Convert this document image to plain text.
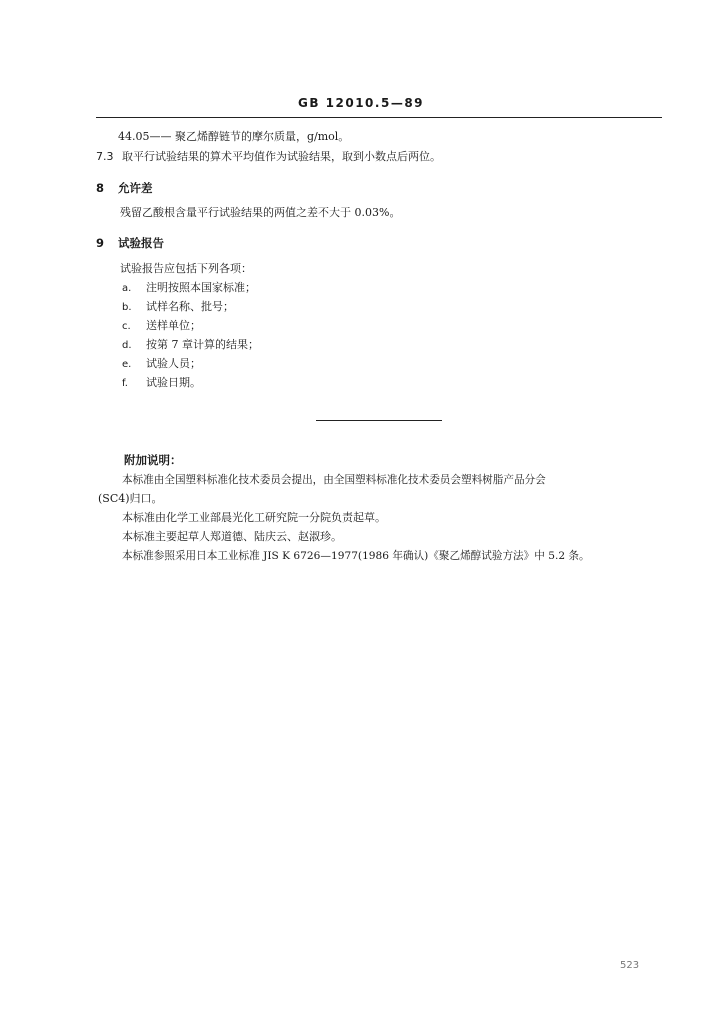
GB 12010.5—89
44.05—— 聚乙烯醇链节的摩尔质量，g/mol。
7.3 取平行试验结果的算术平均值作为试验结果，取到小数点后两位。
8 允许差
残留乙酸根含量平行试验结果的两值之差不大于 0.03%。
9 试验报告
试验报告应包括下列各项：
a. 注明按照本国家标准；
b. 试样名称、批号；
c. 送样单位；
d. 按第 7 章计算的结果；
e. 试验人员；
f. 试验日期。
附加说明：
本标准由全国塑料标准化技术委员会提出，由全国塑料标准化技术委员会塑料树脂产品分会
(SC4)归口。
本标准由化学工业部晨光化工研究院一分院负责起草。
本标准主要起草人郑道德、陆庆云、赵淑珍。
本标准参照采用日本工业标准 JIS K 6726—1977(1986 年确认)《聚乙烯醇试验方法》中 5.2 条。
523
